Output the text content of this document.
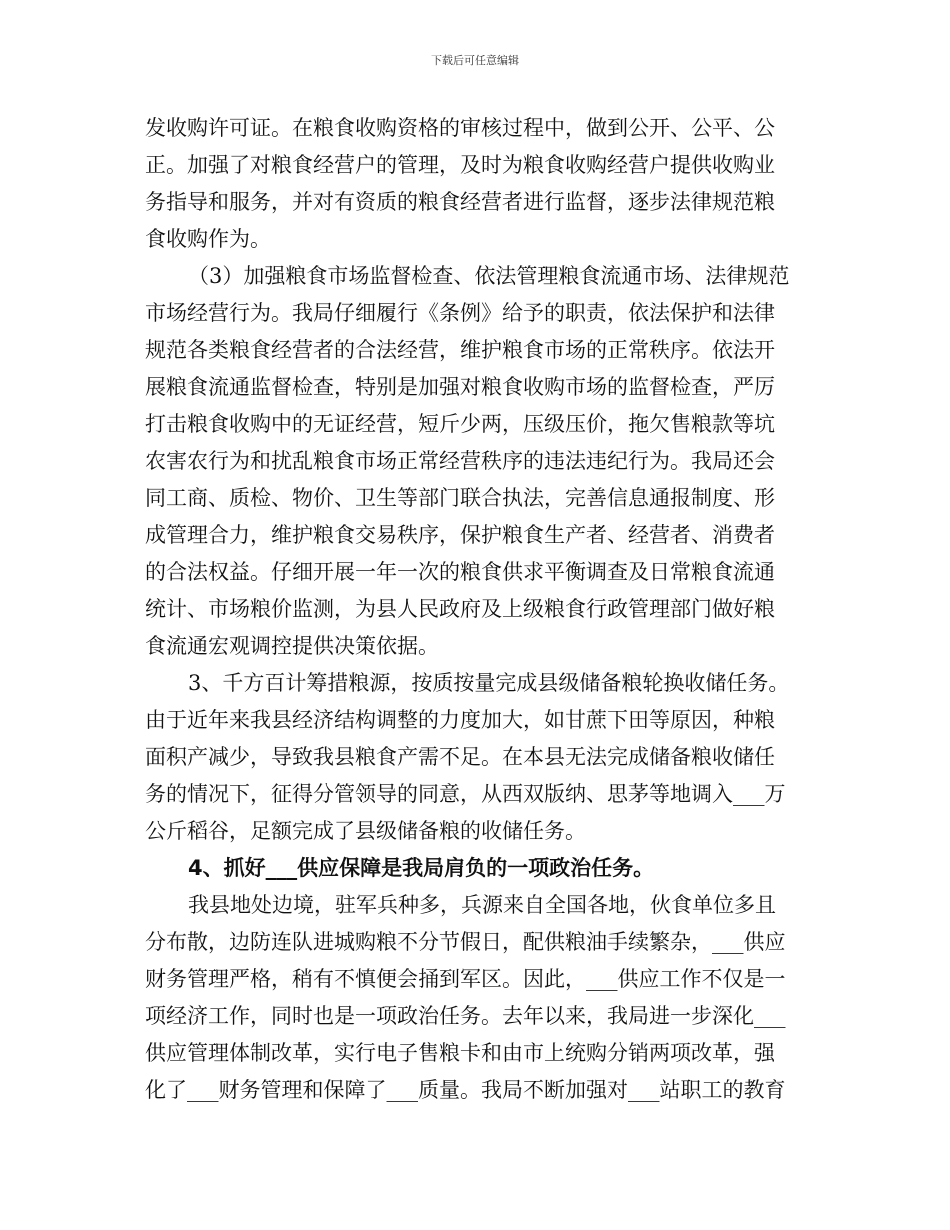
下载后可任意编辑
发收购许可证。在粮食收购资格的审核过程中，做到公开、公平、公
正。加强了对粮食经营户的管理，及时为粮食收购经营户提供收购业
务指导和服务，并对有资质的粮食经营者进行监督，逐步法律规范粮
食收购作为。
（3）加强粮食市场监督检查、依法管理粮食流通市场、法律规范
市场经营行为。我局仔细履行《条例》给予的职责，依法保护和法律
规范各类粮食经营者的合法经营，维护粮食市场的正常秩序。依法开
展粮食流通监督检查，特别是加强对粮食收购市场的监督检查，严厉
打击粮食收购中的无证经营，短斤少两，压级压价，拖欠售粮款等坑
农害农行为和扰乱粮食市场正常经营秩序的违法违纪行为。我局还会
同工商、质检、物价、卫生等部门联合执法，完善信息通报制度、形
成管理合力，维护粮食交易秩序，保护粮食生产者、经营者、消费者
的合法权益。仔细开展一年一次的粮食供求平衡调查及日常粮食流通
统计、市场粮价监测，为县人民政府及上级粮食行政管理部门做好粮
食流通宏观调控提供决策依据。
3、千方百计筹措粮源，按质按量完成县级储备粮轮换收储任务。
由于近年来我县经济结构调整的力度加大，如甘蔗下田等原因，种粮
面积产减少，导致我县粮食产需不足。在本县无法完成储备粮收储任
务的情况下，征得分管领导的同意，从西双版纳、思茅等地调入___万
公斤稻谷，足额完成了县级储备粮的收储任务。
4、抓好___供应保障是我局肩负的一项政治任务。
我县地处边境，驻军兵种多，兵源来自全国各地，伙食单位多且
分布散，边防连队进城购粮不分节假日，配供粮油手续繁杂，___供应
财务管理严格，稍有不慎便会捅到军区。因此，___供应工作不仅是一
项经济工作，同时也是一项政治任务。去年以来，我局进一步深化___
供应管理体制改革，实行电子售粮卡和由市上统购分销两项改革，强
化了___财务管理和保障了___质量。我局不断加强对___站职工的教育
